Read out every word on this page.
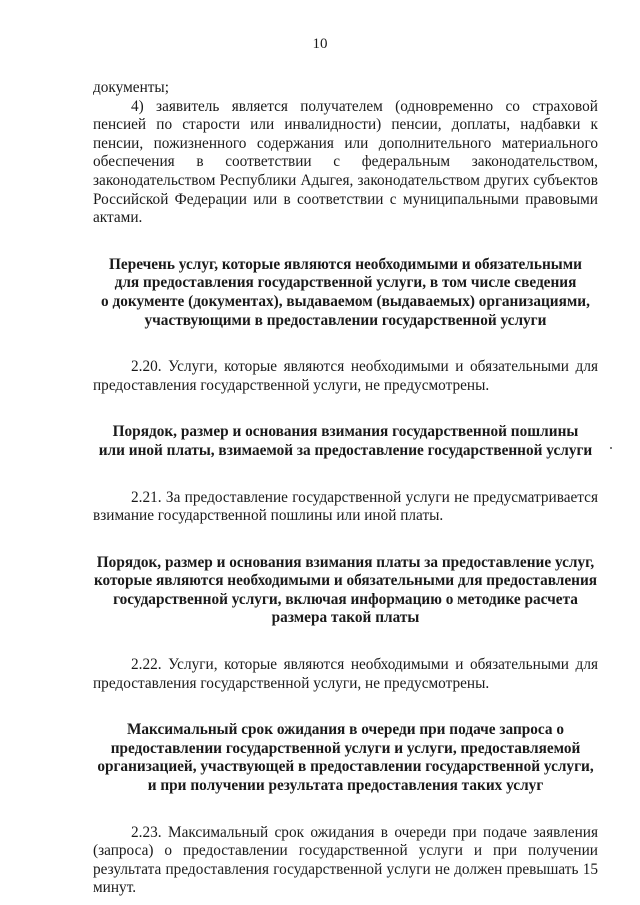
10

документы;

4) заявитель является получателем (одновременно со страховой пенсией по старости или инвалидности) пенсии, доплаты, надбавки к пенсии, пожизненного содержания или дополнительного материального обеспечения в соответствии с федеральным законодательством, законодательством Республики Адыгея, законодательством других субъектов Российской Федерации или в соответствии с муниципальными правовыми актами.

Перечень услуг, которые являются необходимыми и обязательными
для предоставления государственной услуги, в том числе сведения
о документе (документах), выдаваемом (выдаваемых) организациями,
участвующими в предоставлении государственной услуги

2.20. Услуги, которые являются необходимыми и обязательными для предоставления государственной услуги, не предусмотрены.

Порядок, размер и основания взимания государственной пошлины
или иной платы, взимаемой за предоставление государственной услуги

2.21. За предоставление государственной услуги не предусматривается взимание государственной пошлины или иной платы.

Порядок, размер и основания взимания платы за предоставление услуг,
которые являются необходимыми и обязательными для предоставления
государственной услуги, включая информацию о методике расчета
размера такой платы

2.22. Услуги, которые являются необходимыми и обязательными для предоставления государственной услуги, не предусмотрены.

Максимальный срок ожидания в очереди при подаче запроса о
предоставлении государственной услуги и услуги, предоставляемой
организацией, участвующей в предоставлении государственной услуги,
и при получении результата предоставления таких услуг

2.23. Максимальный срок ожидания в очереди при подаче заявления (запроса) о предоставлении государственной услуги и при получении результата предоставления государственной услуги не должен превышать 15 минут.
